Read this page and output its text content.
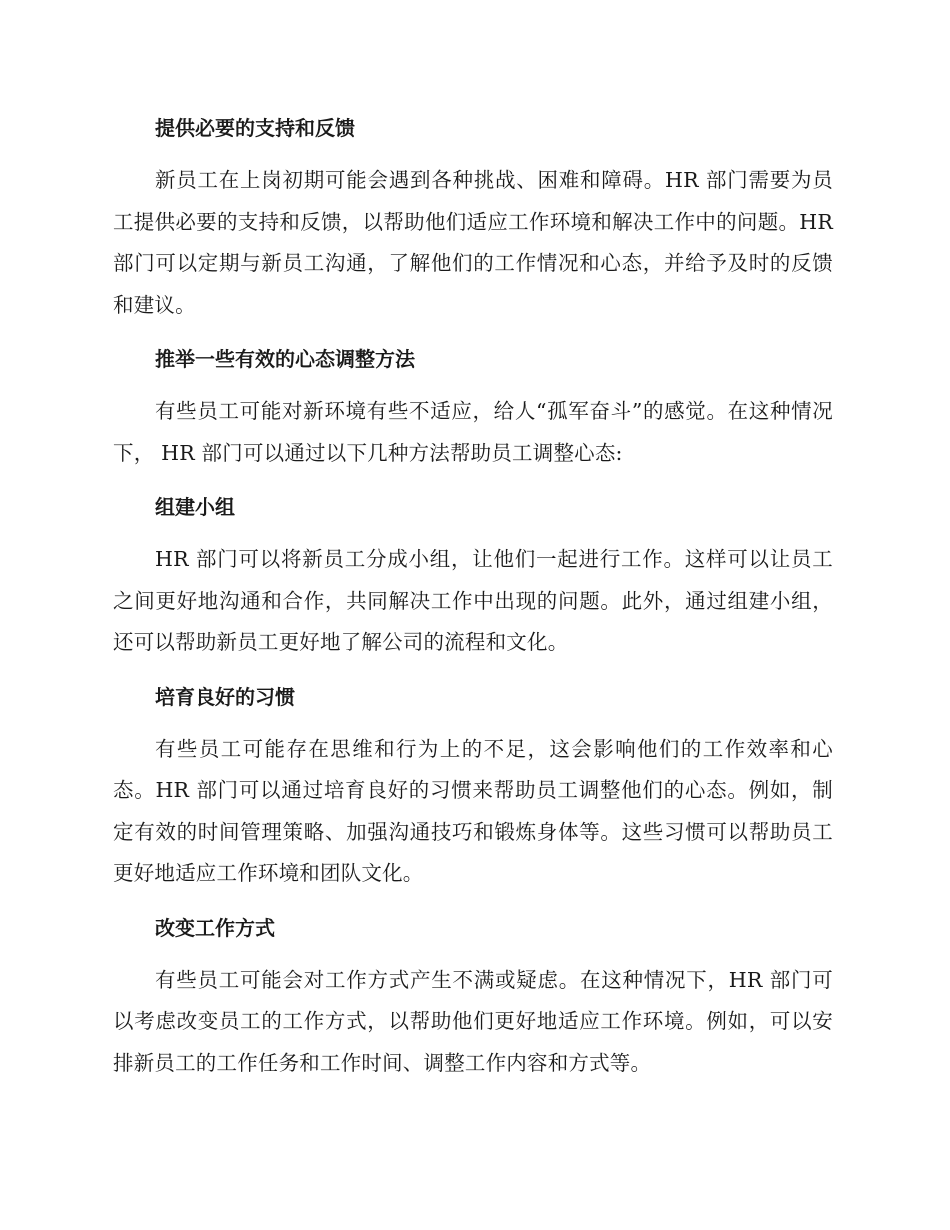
提供必要的支持和反馈

新员工在上岗初期可能会遇到各种挑战、困难和障碍。HR 部门需要为员工提供必要的支持和反馈，以帮助他们适应工作环境和解决工作中的问题。HR 部门可以定期与新员工沟通，了解他们的工作情况和心态，并给予及时的反馈和建议。

推举一些有效的心态调整方法

有些员工可能对新环境有些不适应，给人“孤军奋斗”的感觉。在这种情况下， HR 部门可以通过以下几种方法帮助员工调整心态:

组建小组

HR 部门可以将新员工分成小组，让他们一起进行工作。这样可以让员工之间更好地沟通和合作，共同解决工作中出现的问题。此外，通过组建小组，还可以帮助新员工更好地了解公司的流程和文化。

培育良好的习惯

有些员工可能存在思维和行为上的不足，这会影响他们的工作效率和心态。HR 部门可以通过培育良好的习惯来帮助员工调整他们的心态。例如，制定有效的时间管理策略、加强沟通技巧和锻炼身体等。这些习惯可以帮助员工更好地适应工作环境和团队文化。

改变工作方式

有些员工可能会对工作方式产生不满或疑虑。在这种情况下，HR 部门可以考虑改变员工的工作方式，以帮助他们更好地适应工作环境。例如，可以安排新员工的工作任务和工作时间、调整工作内容和方式等。
